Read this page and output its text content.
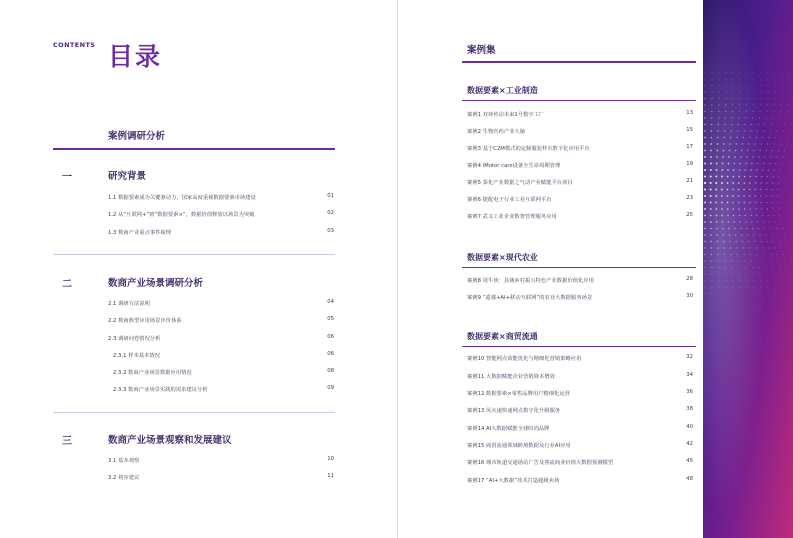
CONTENTS 目录
案例调研分析
一	研究背景
1.1 数据要素成为关键驱动力，国家高度重视数据要素市场建设	01
1.2 从“互联网+”到“数据要素×”，数据价值释放以场景为突破	02
1.3 数商产业重点事件梳理	03
二	数商产业场景调研分析
2.1 调研方法说明	04
2.2 数商典型应用场景评价体系	05
2.3 调研问卷情况分析	06
2.3.1 样本基本情况	06
2.3.2 数商产业场景数据应用情况	08
2.3.3 数商产业场景实践的需求建议分析	09
三	数商产业场景观察和发展建议
3.1 基本观察	10
3.2 初步建议	11
案例集
数据要素×工业制造
案例1 双环传动未来1号数字工厂	13
案例2 生物医药产业大脑	15
案例3 基于C2M模式的定制服装样衣数字化应用平台	17
案例4 iMotor care设备全生命周期管理	19
案例5 泰化产业数据之气动产业赋能平台项目	21
案例6 捷配电子行业工业互联网平台	23
案例7 武义工业企业数智管理服务应用	25
数据要素×现代农业
案例8 周牛侠：县域乡村振兴特色产业数据价值化应用	28
案例9 “遥感+AI+移动互联网”的农业大数据服务场景	30
数据要素×商贸流通
案例10 智能网点效能优化与精细化营销策略应用	32
案例11 大数据赋能企业营销降本增效	34
案例12 数据要素×零售品牌用户精细化运营	36
案例13 风火递快递网点数字化升级服务	38
案例14 AI大数据赋能全球时尚品牌	40
案例15 商贸流通领域跨境数据及行业AI应用	42
案例16 城市轨道交通场站广告及客流商业价值大数据预测模型	45
案例17 “AI+大数据”技术打造超级卖场	48
